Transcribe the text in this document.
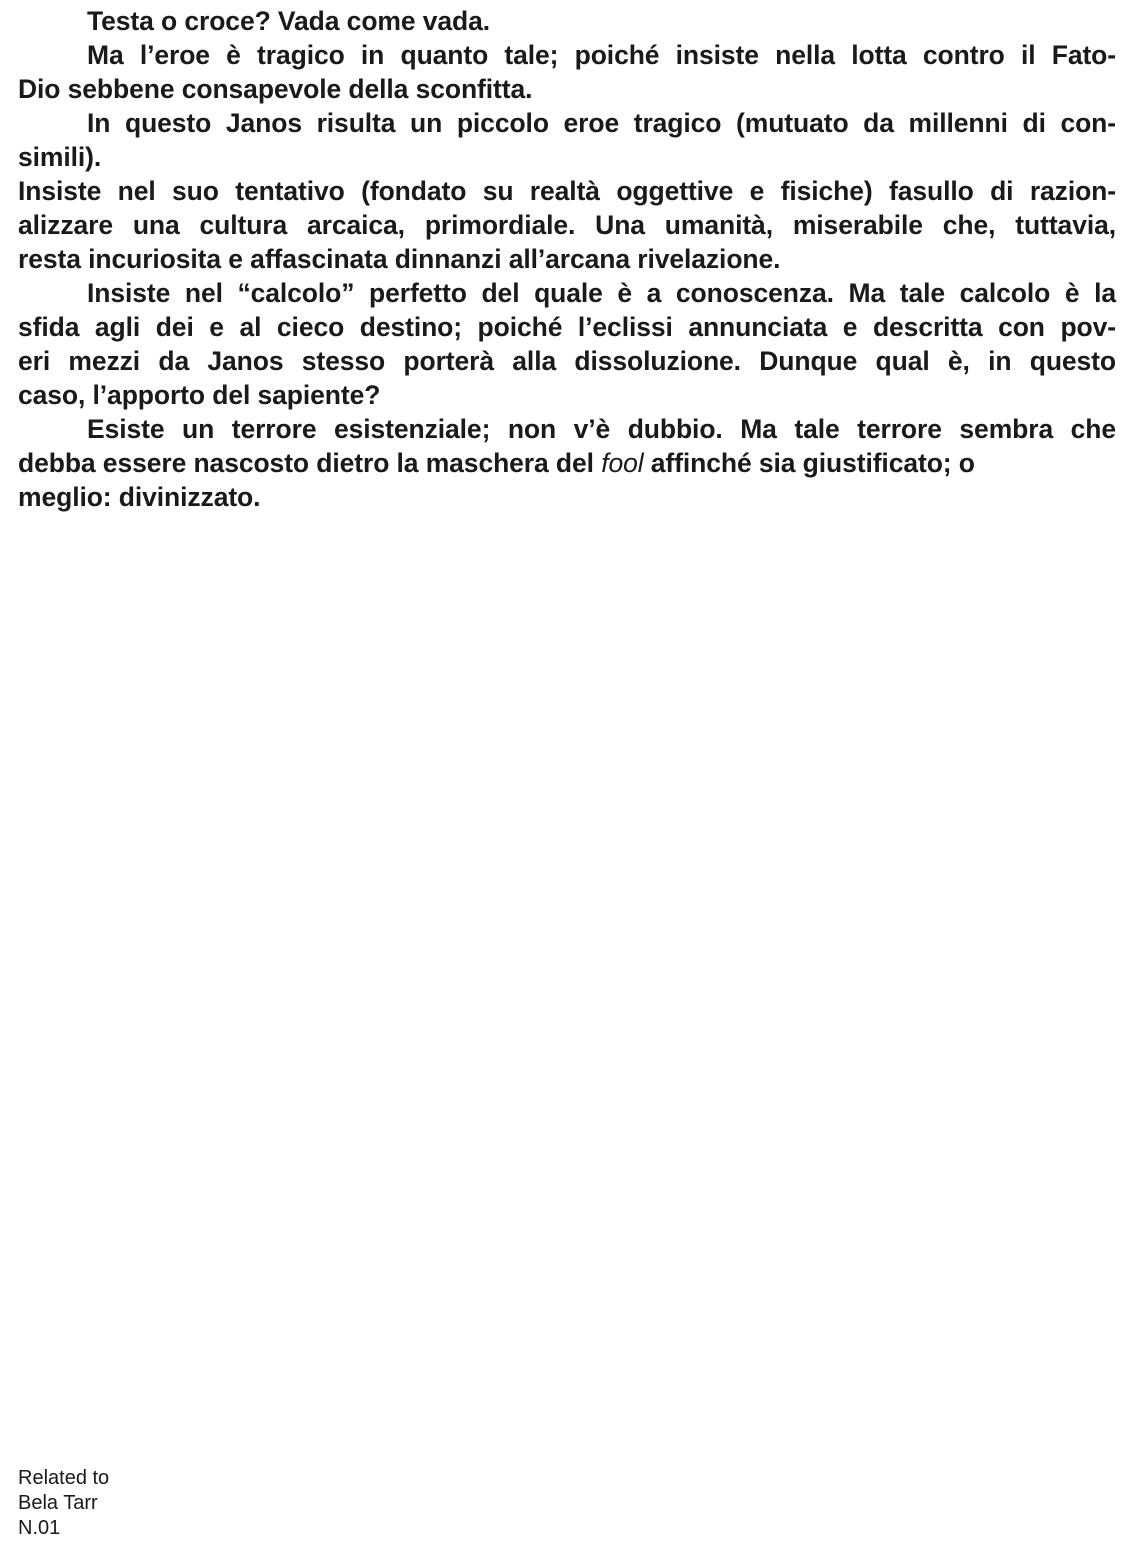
Testa o croce? Vada come vada.

Ma l’eroe è tragico in quanto tale; poiché insiste nella lotta contro il Fato-
Dio sebbene consapevole della sconfitta.

In questo Janos risulta un piccolo eroe tragico (mutuato da millenni di con-
simili).

Insiste nel suo tentativo (fondato su realtà oggettive e fisiche) fasullo di razion-
alizzare una cultura arcaica, primordiale. Una umanità, miserabile che, tuttavia,
resta incuriosita e affascinata dinnanzi all’arcana rivelazione.

Insiste nel “calcolo” perfetto del quale è a conoscenza. Ma tale calcolo è la
sfida agli dei e al cieco destino; poiché l’eclissi annunciata e descritta con pov-
eri mezzi da Janos stesso porterà alla dissoluzione. Dunque qual è, in questo
caso, l’apporto del sapiente?

Esiste un terrore esistenziale; non v’è dubbio. Ma tale terrore sembra che
debba essere nascosto dietro la maschera del fool affinché sia giustificato; o
meglio: divinizzato.

Related to
Bela Tarr
N.01
